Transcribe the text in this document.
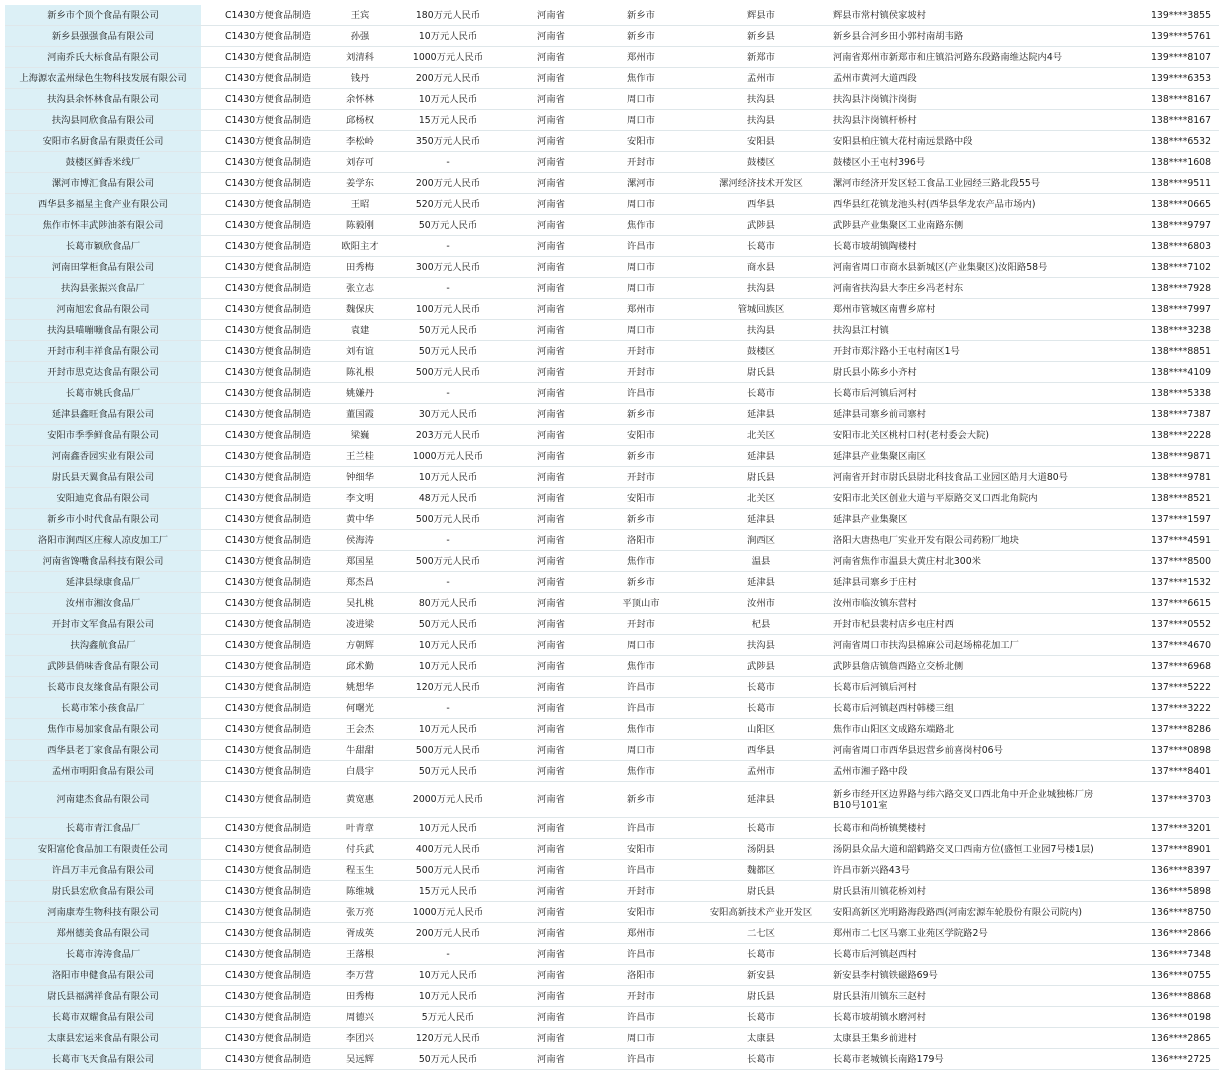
新乡市个顶个食品有限公司	C1430方便食品制造	王宾	180万元人民币	河南省	新乡市	辉县市	辉县市常村镇侯家坡村	139****3855
新乡县强强食品有限公司	C1430方便食品制造	孙强	10万元人民币	河南省	新乡市	新乡县	新乡县合河乡田小郭村南胡韦路	139****5761
河南乔氏大标食品有限公司	C1430方便食品制造	刘清科	1000万元人民币	河南省	郑州市	新郑市	河南省郑州市新郑市和庄镇沿河路东段路南维达院内4号	139****8107
上海源农孟州绿色生物科技发展有限公司	C1430方便食品制造	钱丹	200万元人民币	河南省	焦作市	孟州市	孟州市黄河大道西段	139****6353
扶沟县余怀林食品有限公司	C1430方便食品制造	余怀林	10万元人民币	河南省	周口市	扶沟县	扶沟县汴岗镇汴岗街	138****8167
扶沟县同欣食品有限公司	C1430方便食品制造	邱杨权	15万元人民币	河南省	周口市	扶沟县	扶沟县汴岗镇杆桥村	138****8167
安阳市名厨食品有限责任公司	C1430方便食品制造	李松岭	350万元人民币	河南省	安阳市	安阳县	安阳县柏庄镇大花村南远景路中段	138****6532
鼓楼区鲜香米线厂	C1430方便食品制造	刘存可	-	河南省	开封市	鼓楼区	鼓楼区小王屯村396号	138****1608
漯河市博汇食品有限公司	C1430方便食品制造	姜学东	200万元人民币	河南省	漯河市	漯河经济技术开发区	漯河市经济开发区轻工食品工业园经三路北段55号	138****9511
西华县多福星主食产业有限公司	C1430方便食品制造	王昭	520万元人民币	河南省	周口市	西华县	西华县红花镇龙池头村(西华县华龙农产品市场内)	138****0665
焦作市怀丰武陟油茶有限公司	C1430方便食品制造	陈毅刚	50万元人民币	河南省	焦作市	武陟县	武陟县产业集聚区工业南路东侧	138****9797
长葛市颖欣食品厂	C1430方便食品制造	欧阳主才	-	河南省	许昌市	长葛市	长葛市坡胡镇陶楼村	138****6803
河南田掌柜食品有限公司	C1430方便食品制造	田秀梅	300万元人民币	河南省	周口市	商水县	河南省周口市商水县新城区(产业集聚区)汝阳路58号	138****7102
扶沟县张振兴食品厂	C1430方便食品制造	张立志	-	河南省	周口市	扶沟县	河南省扶沟县大李庄乡冯老村东	138****7928
河南旭宏食品有限公司	C1430方便食品制造	魏保庆	100万元人民币	河南省	郑州市	管城回族区	郑州市管城区南曹乡席村	138****7997
扶沟县喵嘣嘣食品有限公司	C1430方便食品制造	袁建	50万元人民币	河南省	周口市	扶沟县	扶沟县江村镇	138****3238
开封市利丰祥食品有限公司	C1430方便食品制造	刘有谊	50万元人民币	河南省	开封市	鼓楼区	开封市郑汴路小王屯村南区1号	138****8851
开封市思克达食品有限公司	C1430方便食品制造	陈礼根	500万元人民币	河南省	开封市	尉氏县	尉氏县小陈乡小齐村	138****4109
长葛市姚氏食品厂	C1430方便食品制造	姚嫌丹	-	河南省	许昌市	长葛市	长葛市后河镇后河村	138****5338
延津县鑫旺食品有限公司	C1430方便食品制造	董国霞	30万元人民币	河南省	新乡市	延津县	延津县司寨乡前司寨村	138****7387
安阳市季季鲜食品有限公司	C1430方便食品制造	梁巍	203万元人民币	河南省	安阳市	北关区	安阳市北关区桃村口村(老村委会大院)	138****2228
河南鑫香园实业有限公司	C1430方便食品制造	王兰桂	1000万元人民币	河南省	新乡市	延津县	延津县产业集聚区南区	138****9871
尉氏县天翼食品有限公司	C1430方便食品制造	钟细华	10万元人民币	河南省	开封市	尉氏县	河南省开封市尉氏县尉北科技食品工业园区皓月大道80号	138****9781
安阳迪克食品有限公司	C1430方便食品制造	李文明	48万元人民币	河南省	安阳市	北关区	安阳市北关区创业大道与平原路交叉口西北角院内	138****8521
新乡市小时代食品有限公司	C1430方便食品制造	黄中华	500万元人民币	河南省	新乡市	延津县	延津县产业集聚区	137****1597
洛阳市涧西区庄稼人凉皮加工厂	C1430方便食品制造	侯海涛	-	河南省	洛阳市	涧西区	洛阳大唐热电厂实业开发有限公司药粉厂地块	137****4591
河南省馋嘴食品科技有限公司	C1430方便食品制造	郑国星	500万元人民币	河南省	焦作市	温县	河南省焦作市温县大黄庄村北300米	137****8500
延津县绿康食品厂	C1430方便食品制造	郑杰昌	-	河南省	新乡市	延津县	延津县司寨乡于庄村	137****1532
汝州市湘汝食品厂	C1430方便食品制造	吴扎桃	80万元人民币	河南省	平顶山市	汝州市	汝州市临汝镇东营村	137****6615
开封市文军食品有限公司	C1430方便食品制造	凌进梁	50万元人民币	河南省	开封市	杞县	开封市杞县裴村店乡屯庄村西	137****0552
扶沟鑫航食品厂	C1430方便食品制造	方朝辉	10万元人民币	河南省	周口市	扶沟县	河南省周口市扶沟县棉麻公司赵场棉花加工厂	137****4670
武陟县俏味香食品有限公司	C1430方便食品制造	邱术勤	10万元人民币	河南省	焦作市	武陟县	武陟县詹店镇詹西路立交桥北侧	137****6968
长葛市良友缘食品有限公司	C1430方便食品制造	姚想华	120万元人民币	河南省	许昌市	长葛市	长葛市后河镇后河村	137****5222
长葛市笨小孩食品厂	C1430方便食品制造	何曙光	-	河南省	许昌市	长葛市	长葛市后河镇赵西村韩楼三组	137****3222
焦作市易加家食品有限公司	C1430方便食品制造	王会杰	10万元人民币	河南省	焦作市	山阳区	焦作市山阳区文成路东端路北	137****8286
西华县老丁家食品有限公司	C1430方便食品制造	牛甜甜	500万元人民币	河南省	周口市	西华县	河南省周口市西华县迟营乡前喜岗村06号	137****0898
孟州市明阳食品有限公司	C1430方便食品制造	白晨宇	50万元人民币	河南省	焦作市	孟州市	孟州市湘子路中段	137****8401
河南建杰食品有限公司	C1430方便食品制造	黄宽惠	2000万元人民币	河南省	新乡市	延津县	新乡市经开区边界路与纬六路交叉口西北角中开企业城独栋厂房B10号101室	137****3703
长葛市青江食品厂	C1430方便食品制造	叶青章	10万元人民币	河南省	许昌市	长葛市	长葛市和尚桥镇樊楼村	137****3201
安阳富伦食品加工有限责任公司	C1430方便食品制造	付兵武	400万元人民币	河南省	安阳市	汤阴县	汤阴县众品大道和韶鹤路交叉口西南方位(盛恒工业园7号楼1层)	137****8901
许昌万丰元食品有限公司	C1430方便食品制造	程玉生	500万元人民币	河南省	许昌市	魏都区	许昌市新兴路43号	136****8397
尉氏县宏欣食品有限公司	C1430方便食品制造	陈维城	15万元人民币	河南省	开封市	尉氏县	尉氏县洧川镇花桥刘村	136****5898
河南康寿生物科技有限公司	C1430方便食品制造	张万亮	1000万元人民币	河南省	安阳市	安阳高新技术产业开发区	安阳高新区光明路海段路西(河南宏源车轮股份有限公司院内)	136****8750
郑州德美食品有限公司	C1430方便食品制造	胥成英	200万元人民币	河南省	郑州市	二七区	郑州市二七区马寨工业苑区学院路2号	136****2866
长葛市涛涛食品厂	C1430方便食品制造	王落根	-	河南省	许昌市	长葛市	长葛市后河镇赵西村	136****7348
洛阳市申健食品有限公司	C1430方便食品制造	李万营	10万元人民币	河南省	洛阳市	新安县	新安县李村镇铁磁路69号	136****0755
尉氏县福满祥食品有限公司	C1430方便食品制造	田秀梅	10万元人民币	河南省	开封市	尉氏县	尉氏县洧川镇东三赵村	136****8868
长葛市双耀食品有限公司	C1430方便食品制造	周德兴	5万元人民币	河南省	许昌市	长葛市	长葛市坡胡镇水磨河村	136****0198
太康县宏运来食品有限公司	C1430方便食品制造	李团兴	120万元人民币	河南省	周口市	太康县	太康县王集乡前进村	136****2865
长葛市飞天食品有限公司	C1430方便食品制造	吴远辉	50万元人民币	河南省	许昌市	长葛市	长葛市老城镇长南路179号	136****2725
